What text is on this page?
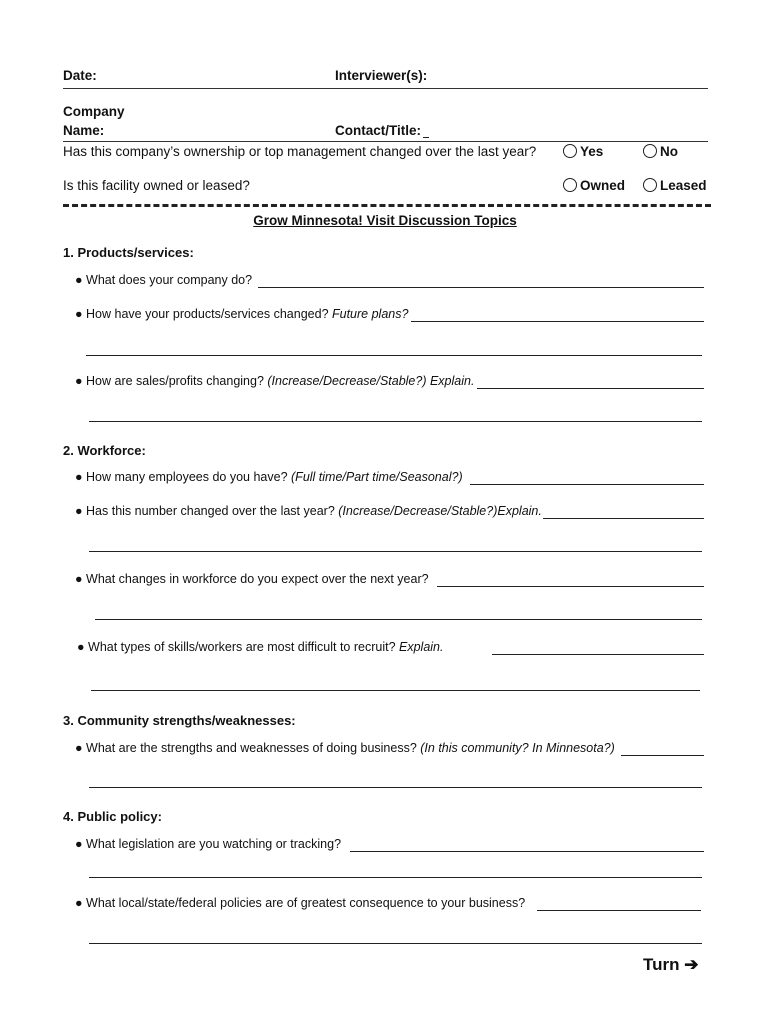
Date:	Interviewer(s):
Company
Name:	Contact/Title:
Has this company’s ownership or top management changed over the last year?	Yes	No
Is this facility owned or leased?	Owned	Leased
Grow Minnesota! Visit Discussion Topics
1. Products/services:
● What does your company do?
● How have your products/services changed? Future plans?
● How are sales/profits changing? (Increase/Decrease/Stable?) Explain.
2. Workforce:
● How many employees do you have? (Full time/Part time/Seasonal?)
● Has this number changed over the last year? (Increase/Decrease/Stable?)Explain.
● What changes in workforce do you expect over the next year?
● What types of skills/workers are most difficult to recruit? Explain.
3. Community strengths/weaknesses:
● What are the strengths and weaknesses of doing business? (In this community? In Minnesota?)
4. Public policy:
● What legislation are you watching or tracking?
● What local/state/federal policies are of greatest consequence to your business?
Turn ➔
